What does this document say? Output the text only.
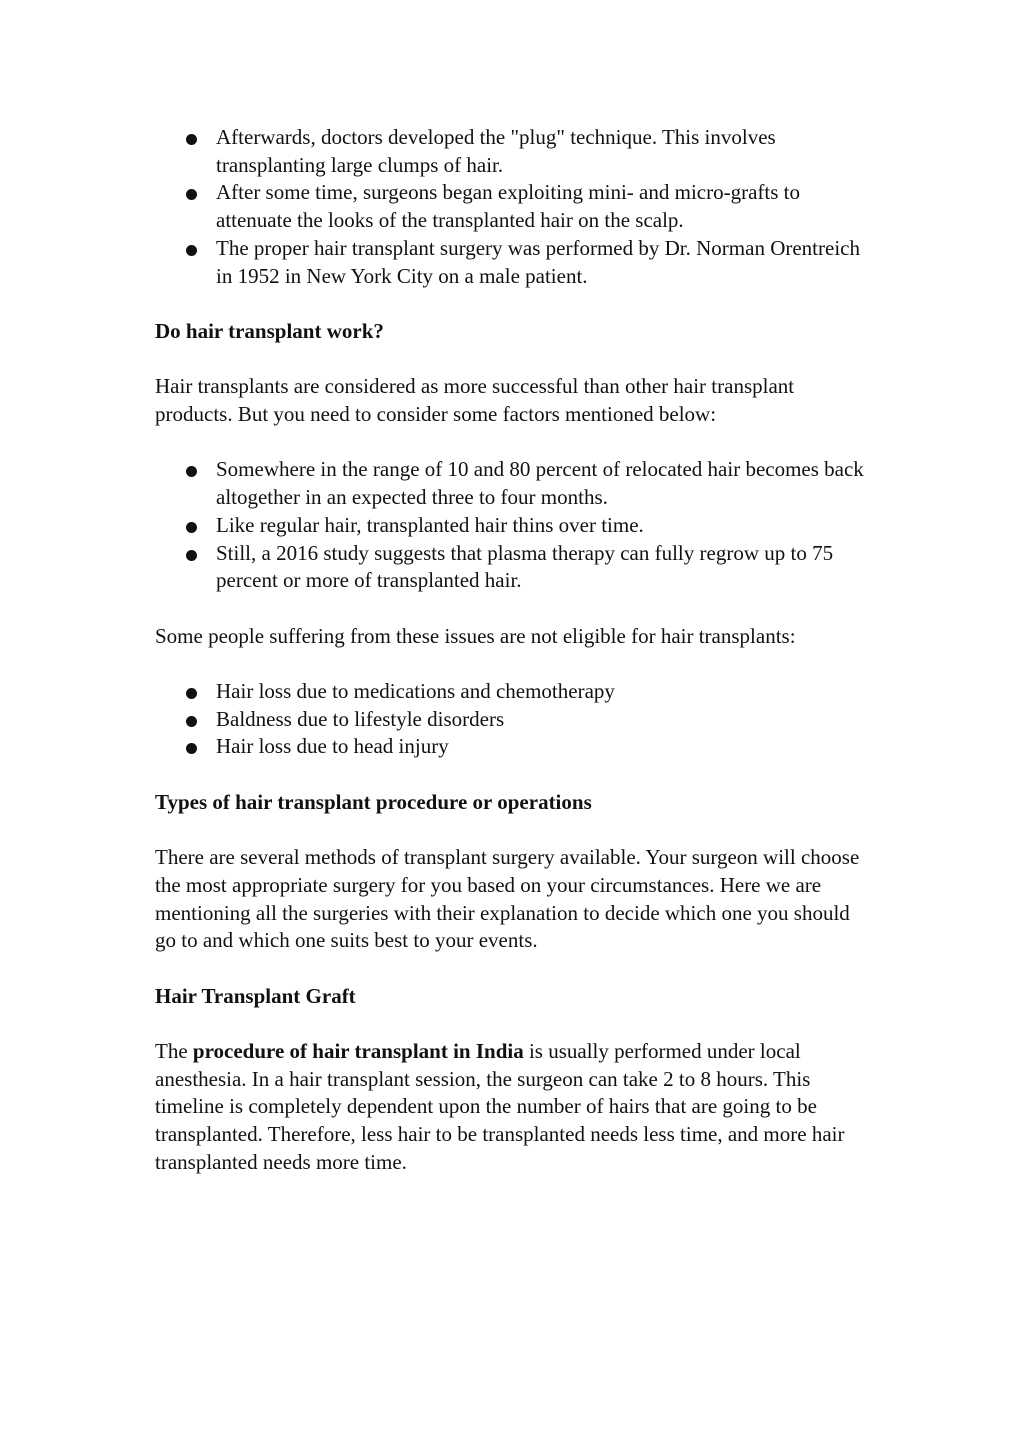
Afterwards, doctors developed the "plug" technique. This involves transplanting large clumps of hair.
After some time, surgeons began exploiting mini- and micro-grafts to attenuate the looks of the transplanted hair on the scalp.
The proper hair transplant surgery was performed by Dr. Norman Orentreich in 1952 in New York City on a male patient.
Do hair transplant work?

Hair transplants are considered as more successful than other hair transplant products. But you need to consider some factors mentioned below:

Somewhere in the range of 10 and 80 percent of relocated hair becomes back altogether in an expected three to four months.
Like regular hair, transplanted hair thins over time.
Still, a 2016 study suggests that plasma therapy can fully regrow up to 75 percent or more of transplanted hair.

Some people suffering from these issues are not eligible for hair transplants:

Hair loss due to medications and chemotherapy
Baldness due to lifestyle disorders
Hair loss due to head injury
Types of hair transplant procedure or operations

There are several methods of transplant surgery available. Your surgeon will choose the most appropriate surgery for you based on your circumstances. Here we are mentioning all the surgeries with their explanation to decide which one you should go to and which one suits best to your events.

Hair Transplant Graft

The procedure of hair transplant in India is usually performed under local anesthesia. In a hair transplant session, the surgeon can take 2 to 8 hours. This timeline is completely dependent upon the number of hairs that are going to be transplanted. Therefore, less hair to be transplanted needs less time, and more hair transplanted needs more time.
